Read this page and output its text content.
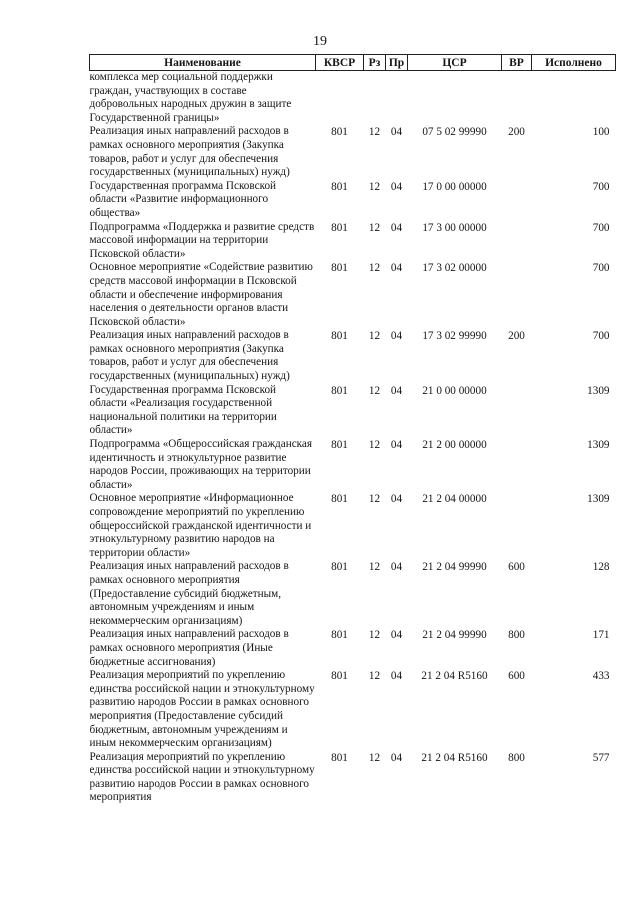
19
Наименование	КВСР	Рз	Пр	ЦСР	ВР	Исполнено
комплекса мер социальной поддержки граждан, участвующих в составе добровольных народных дружин в защите Государственной границы»						
Реализация иных направлений расходов в рамках основного мероприятия (Закупка товаров, работ и услуг для обеспечения государственных (муниципальных) нужд)	801	12	04	07 5 02 99990	200	100
Государственная программа Псковской области «Развитие информационного общества»	801	12	04	17 0 00 00000		700
Подпрограмма «Поддержка и развитие средств массовой информации на территории Псковской области»	801	12	04	17 3 00 00000		700
Основное мероприятие «Содействие развитию средств массовой информации в Псковской области и обеспечение информирования населения о деятельности органов власти Псковской области»	801	12	04	17 3 02 00000		700
Реализация иных направлений расходов в рамках основного мероприятия (Закупка товаров, работ и услуг для обеспечения государственных (муниципальных) нужд)	801	12	04	17 3 02 99990	200	700
Государственная программа Псковской области «Реализация государственной национальной политики на территории области»	801	12	04	21 0 00 00000		1309
Подпрограмма «Общероссийская гражданская идентичность и этнокультурное развитие народов России, проживающих на территории области»	801	12	04	21 2 00 00000		1309
Основное мероприятие «Информационное сопровождение мероприятий по укреплению общероссийской гражданской идентичности и этнокультурному развитию народов на территории области»	801	12	04	21 2 04 00000		1309
Реализация иных направлений расходов в рамках основного мероприятия (Предоставление субсидий бюджетным, автономным учреждениям и иным некоммерческим организациям)	801	12	04	21 2 04 99990	600	128
Реализация иных направлений расходов в рамках основного мероприятия (Иные бюджетные ассигнования)	801	12	04	21 2 04 99990	800	171
Реализация мероприятий по укреплению единства российской нации и этнокультурному развитию народов России в рамках основного мероприятия (Предоставление субсидий бюджетным, автономным учреждениям и иным некоммерческим организациям)	801	12	04	21 2 04 R5160	600	433
Реализация мероприятий по укреплению единства российской нации и этнокультурному развитию народов России в рамках основного мероприятия	801	12	04	21 2 04 R5160	800	577
